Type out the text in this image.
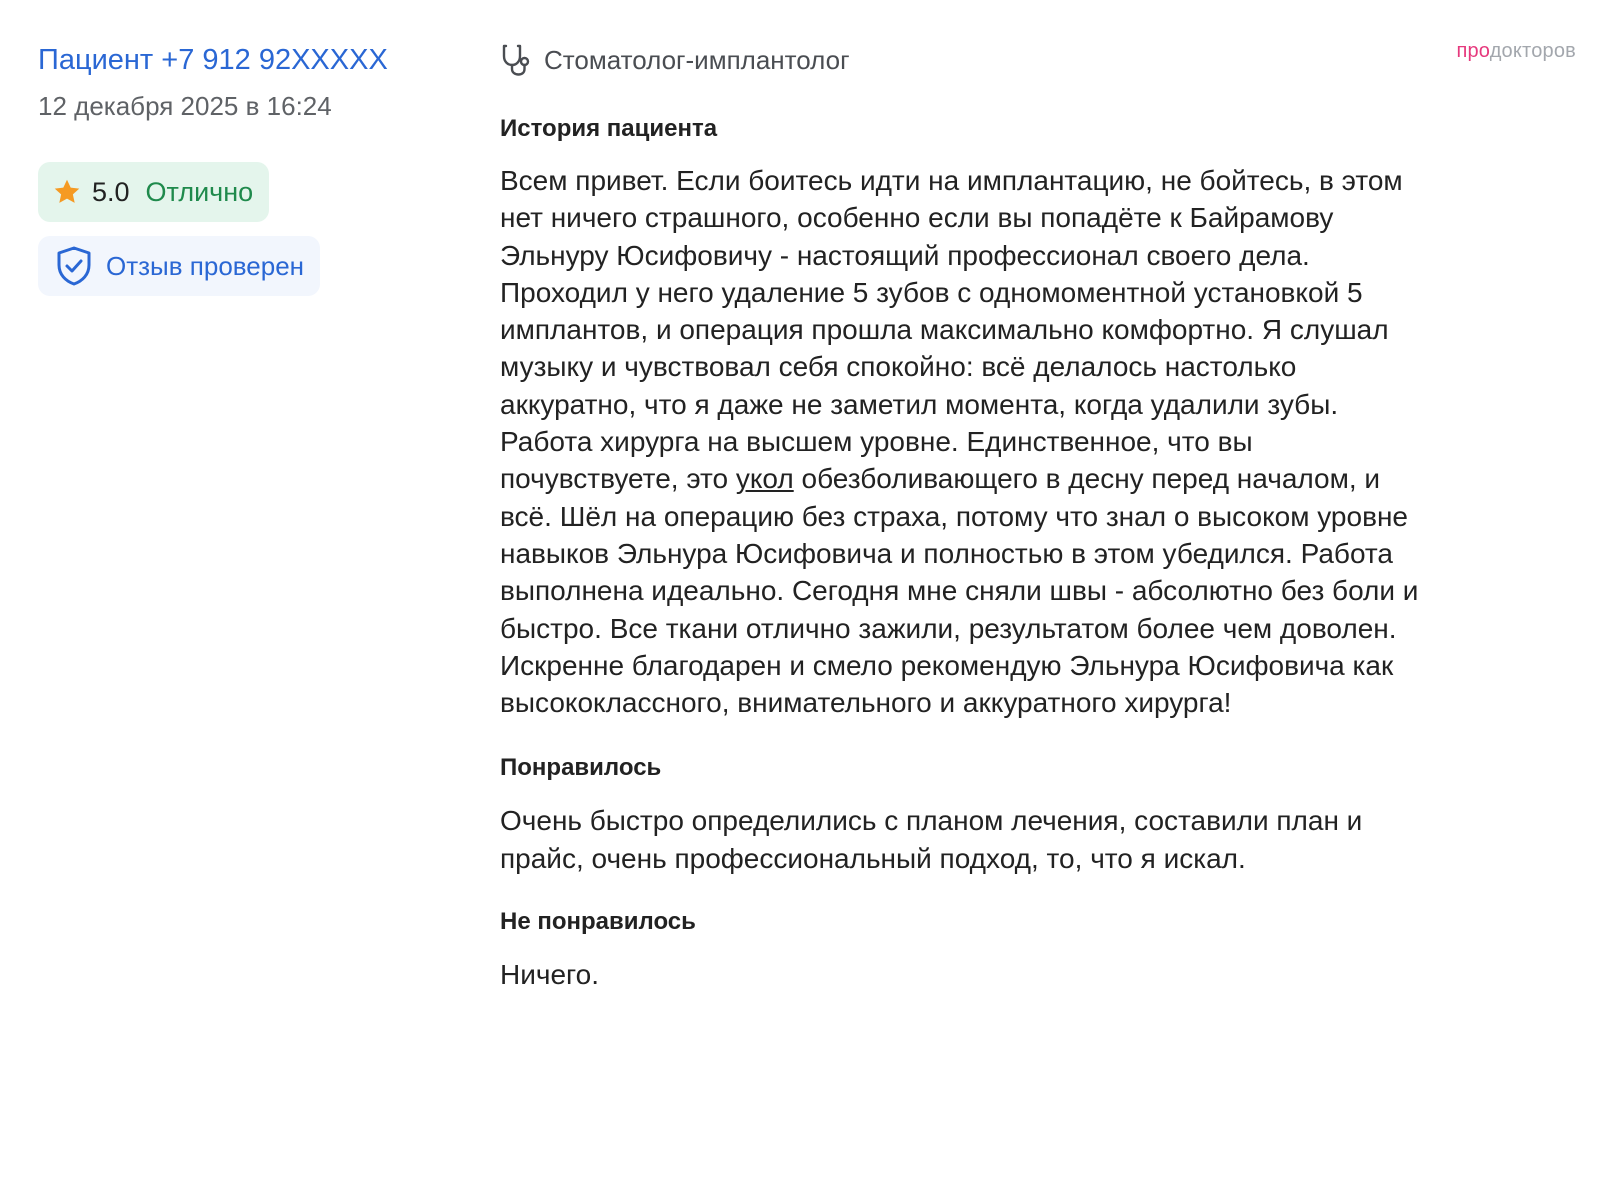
Пациент +7 912 92XXXXX
12 декабря 2025 в 16:24
5.0 Отлично
Отзыв проверен
Стоматолог-имплантолог
История пациента

Всем привет. Если боитесь идти на имплантацию, не бойтесь, в этом
нет ничего страшного, особенно если вы попадёте к Байрамову
Эльнуру Юсифовичу - настоящий профессионал своего дела.
Проходил у него удаление 5 зубов с одномоментной установкой 5
имплантов, и операция прошла максимально комфортно. Я слушал
музыку и чувствовал себя спокойно: всё делалось настолько
аккуратно, что я даже не заметил момента, когда удалили зубы.
Работа хирурга на высшем уровне. Единственное, что вы
почувствуете, это укол обезболивающего в десну перед началом, и
всё. Шёл на операцию без страха, потому что знал о высоком уровне
навыков Эльнура Юсифовича и полностью в этом убедился. Работа
выполнена идеально. Сегодня мне сняли швы - абсолютно без боли и
быстро. Все ткани отлично зажили, результатом более чем доволен.
Искренне благодарен и смело рекомендую Эльнура Юсифовича как
высококлассного, внимательного и аккуратного хирурга!

Понравилось

Очень быстро определились с планом лечения, составили план и
прайс, очень профессиональный подход, то, что я искал.

Не понравилось

Ничего.

продокторов
